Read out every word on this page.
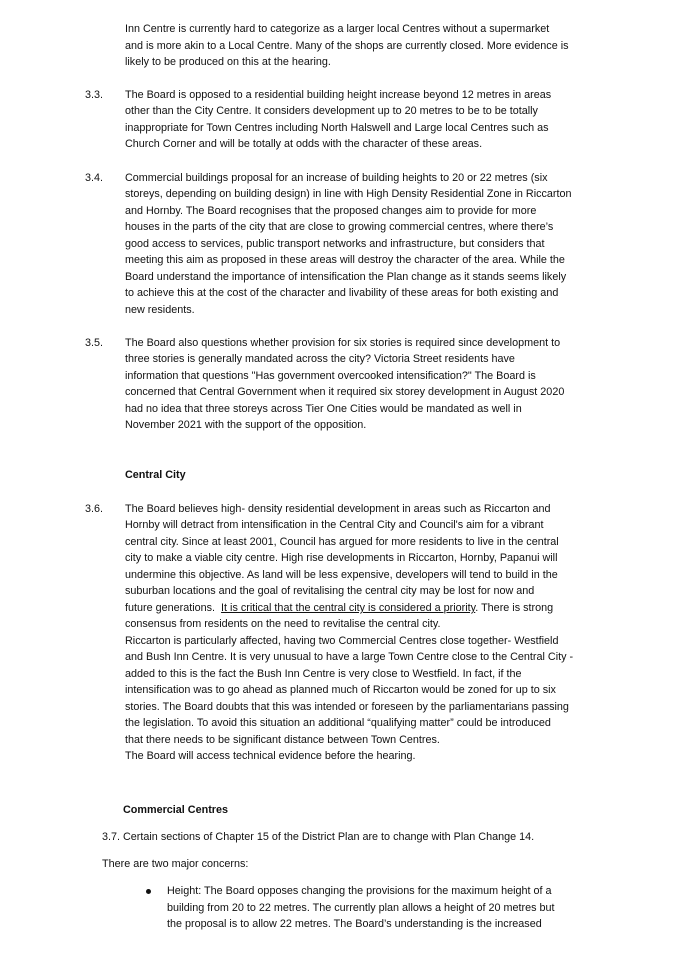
Inn Centre is currently hard to categorize as a larger local Centres without a supermarket
and is more akin to a Local Centre. Many of the shops are currently closed. More evidence is
likely to be produced on this at the hearing.
3.3. The Board is opposed to a residential building height increase beyond 12 metres in areas
other than the City Centre. It considers development up to 20 metres to be to be totally
inappropriate for Town Centres including North Halswell and Large local Centres such as
Church Corner and will be totally at odds with the character of these areas.
3.4. Commercial buildings proposal for an increase of building heights to 20 or 22 metres (six
storeys, depending on building design) in line with High Density Residential Zone in Riccarton
and Hornby. The Board recognises that the proposed changes aim to provide for more
houses in the parts of the city that are close to growing commercial centres, where there’s
good access to services, public transport networks and infrastructure, but considers that
meeting this aim as proposed in these areas will destroy the character of the area. While the
Board understand the importance of intensification the Plan change as it stands seems likely
to achieve this at the cost of the character and livability of these areas for both existing and
new residents.
3.5. The Board also questions whether provision for six stories is required since development to
three stories is generally mandated across the city? Victoria Street residents have
information that questions "Has government overcooked intensification?" The Board is
concerned that Central Government when it required six storey development in August 2020
had no idea that three storeys across Tier One Cities would be mandated as well in
November 2021 with the support of the opposition.
Central City
3.6. The Board believes high- density residential development in areas such as Riccarton and
Hornby will detract from intensification in the Central City and Council's aim for a vibrant
central city. Since at least 2001, Council has argued for more residents to live in the central
city to make a viable city centre. High rise developments in Riccarton, Hornby, Papanui will
undermine this objective. As land will be less expensive, developers will tend to build in the
suburban locations and the goal of revitalising the central city may be lost for now and
future generations.  It is critical that the central city is considered a priority. There is strong
consensus from residents on the need to revitalise the central city.
Riccarton is particularly affected, having two Commercial Centres close together- Westfield
and Bush Inn Centre. It is very unusual to have a large Town Centre close to the Central City -
added to this is the fact the Bush Inn Centre is very close to Westfield. In fact, if the
intensification was to go ahead as planned much of Riccarton would be zoned for up to six
stories. The Board doubts that this was intended or foreseen by the parliamentarians passing
the legislation. To avoid this situation an additional “qualifying matter” could be introduced
that there needs to be significant distance between Town Centres.
The Board will access technical evidence before the hearing.
Commercial Centres
3.7. Certain sections of Chapter 15 of the District Plan are to change with Plan Change 14.
There are two major concerns:
Height: The Board opposes changing the provisions for the maximum height of a
building from 20 to 22 metres. The currently plan allows a height of 20 metres but
the proposal is to allow 22 metres. The Board’s understanding is the increased
